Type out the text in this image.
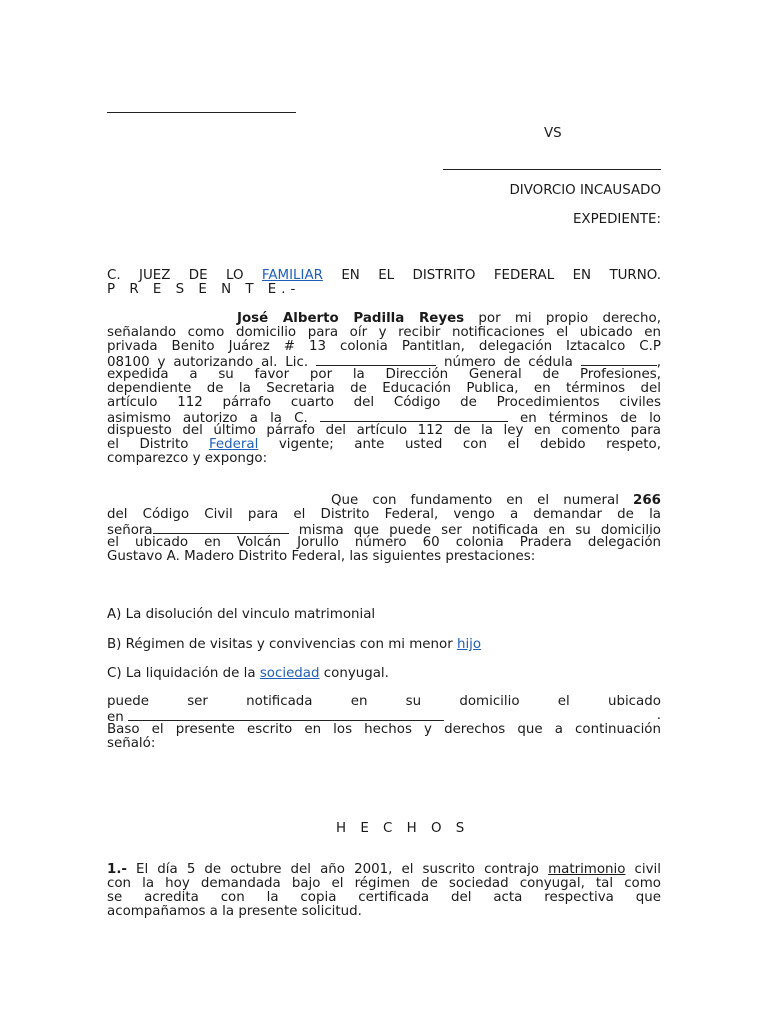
VS
DIVORCIO INCAUSADO
EXPEDIENTE:
C. JUEZ DE LO FAMILIAR EN EL DISTRITO FEDERAL EN TURNO.
P R E S E N T E.-
José Alberto Padilla Reyes por mi propio derecho,
señalando como domicilio para oír y recibir notificaciones el ubicado en
privada Benito Juárez # 13 colonia Pantitlan, delegación Iztacalco C.P
08100 y autorizando al. Lic.	número de cédula	,
expedida a su favor por la Dirección General de Profesiones,
dependiente de la Secretaria de Educación Publica, en términos del
artículo 112 párrafo cuarto del Código de Procedimientos civiles
asimismo autorizo a la C.	en términos de lo
dispuesto del último párrafo del artículo 112 de la ley en comento para
el Distrito Federal vigente; ante usted con el debido respeto,
comparezco y expongo:
Que con fundamento en el numeral 266
del Código Civil para el Distrito Federal, vengo a demandar de la
señora	misma que puede ser notificada en su domicilio
el ubicado en Volcán Jorullo número 60 colonia Pradera delegación
Gustavo A. Madero Distrito Federal, las siguientes prestaciones:
A) La disolución del vinculo matrimonial
B) Régimen de visitas y convivencias con mi menor hijo
C) La liquidación de la sociedad conyugal.
puede	ser	notificada	en	su	domicilio	el	ubicado
en	.
Baso el presente escrito en los hechos y derechos que a continuación
señaló:
H E C H O S
1.- El día 5 de octubre del año 2001, el suscrito contrajo matrimonio civil
con la hoy demandada bajo el régimen de sociedad conyugal, tal como
se acredita con la copia certificada del acta respectiva que
acompañamos a la presente solicitud.
